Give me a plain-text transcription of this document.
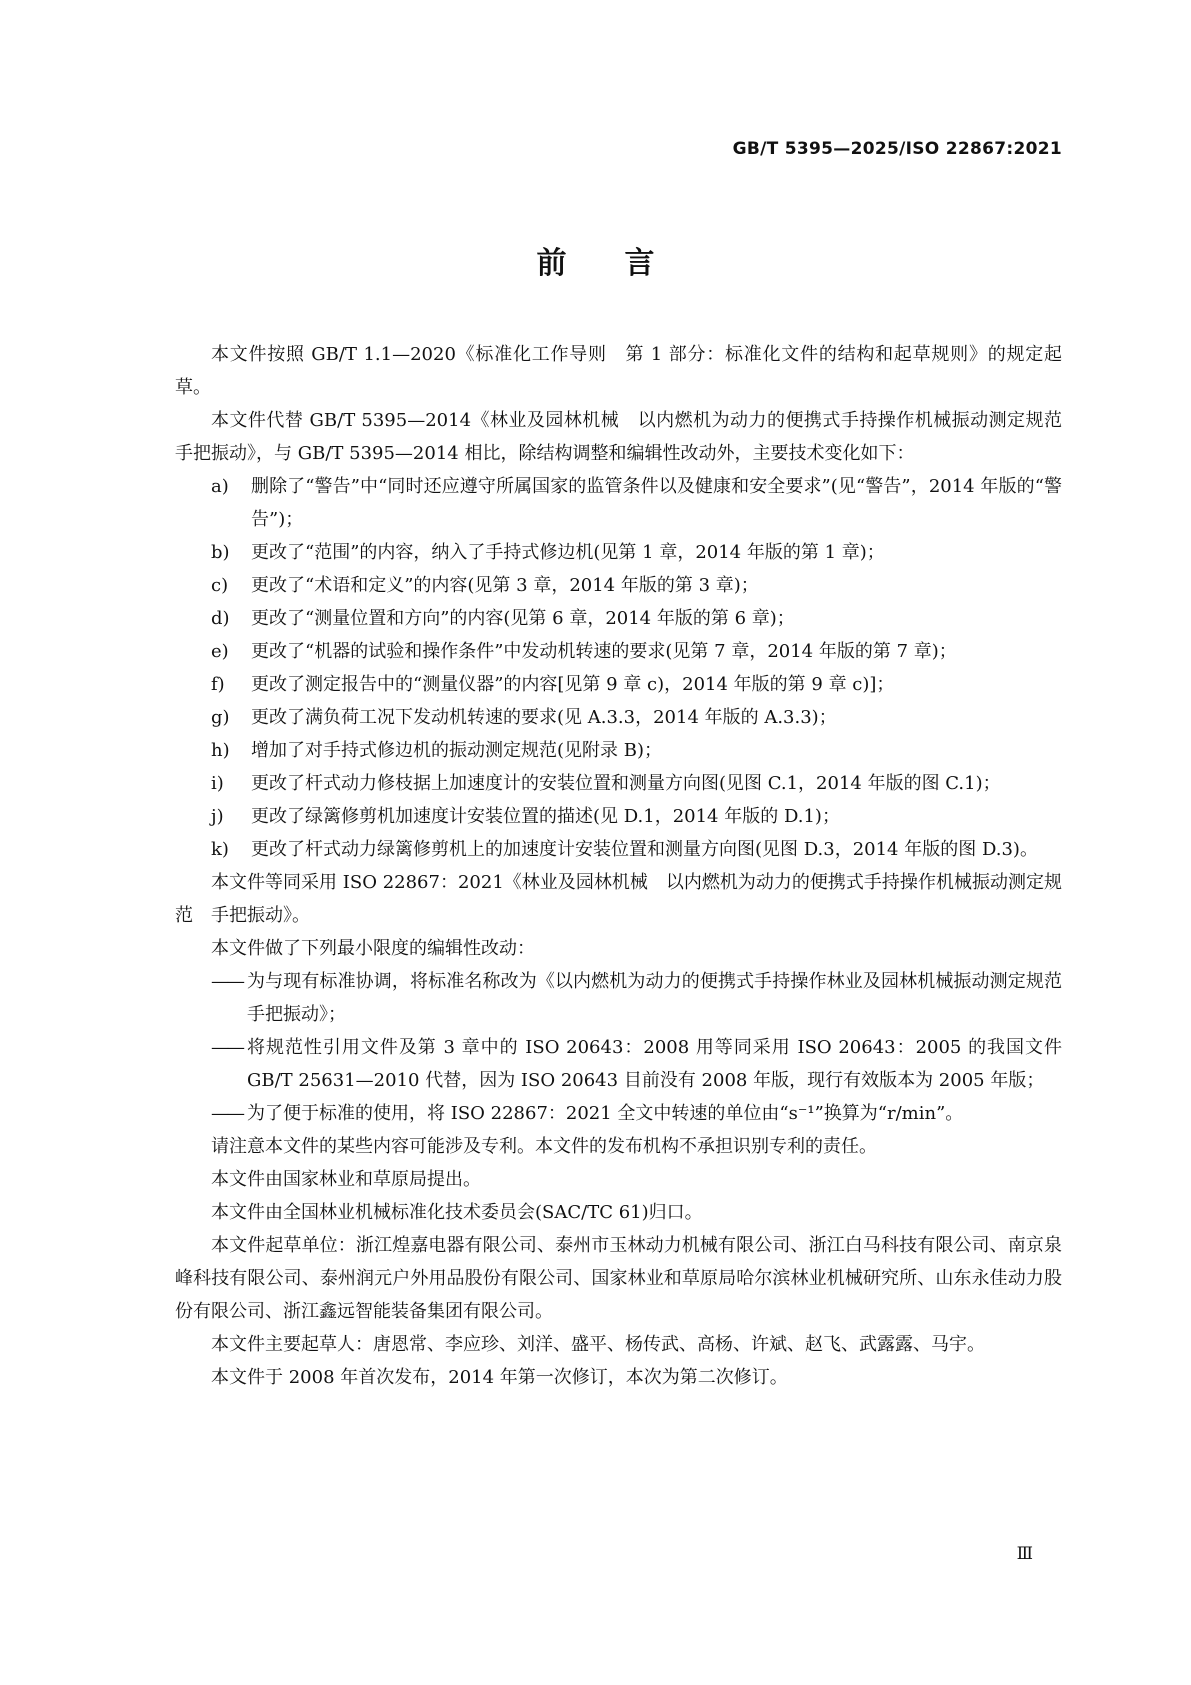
GB/T 5395—2025/ISO 22867:2021
前言

本文件按照 GB/T 1.1—2020《标准化工作导则　第 1 部分：标准化文件的结构和起草规则》的规定起草。

本文件代替 GB/T 5395—2014《林业及园林机械　以内燃机为动力的便携式手持操作机械振动测定规范　手把振动》，与 GB/T 5395—2014 相比，除结构调整和编辑性改动外，主要技术变化如下：

a)	删除了“警告”中“同时还应遵守所属国家的监管条件以及健康和安全要求”(见“警告”，2014 年版的“警告”)；
b)	更改了“范围”的内容，纳入了手持式修边机(见第 1 章，2014 年版的第 1 章)；
c)	更改了“术语和定义”的内容(见第 3 章，2014 年版的第 3 章)；
d)	更改了“测量位置和方向”的内容(见第 6 章，2014 年版的第 6 章)；
e)	更改了“机器的试验和操作条件”中发动机转速的要求(见第 7 章，2014 年版的第 7 章)；
f)	更改了测定报告中的“测量仪器”的内容[见第 9 章 c)，2014 年版的第 9 章 c)]；
g)	更改了满负荷工况下发动机转速的要求(见 A.3.3，2014 年版的 A.3.3)；
h)	增加了对手持式修边机的振动测定规范(见附录 B)；
i)	更改了杆式动力修枝据上加速度计的安装位置和测量方向图(见图 C.1，2014 年版的图 C.1)；
j)	更改了绿篱修剪机加速度计安装位置的描述(见 D.1，2014 年版的 D.1)；
k)	更改了杆式动力绿篱修剪机上的加速度计安装位置和测量方向图(见图 D.3，2014 年版的图 D.3)。

本文件等同采用 ISO 22867：2021《林业及园林机械　以内燃机为动力的便携式手持操作机械振动测定规范　手把振动》。

本文件做了下列最小限度的编辑性改动：

—— 为与现有标准协调，将标准名称改为《以内燃机为动力的便携式手持操作林业及园林机械振动测定规范　手把振动》；
—— 将规范性引用文件及第 3 章中的 ISO 20643：2008 用等同采用 ISO 20643：2005 的我国文件 GB/T 25631—2010 代替，因为 ISO 20643 目前没有 2008 年版，现行有效版本为 2005 年版；
—— 为了便于标准的使用，将 ISO 22867：2021 全文中转速的单位由“s⁻¹”换算为“r/min”。

请注意本文件的某些内容可能涉及专利。本文件的发布机构不承担识别专利的责任。

本文件由国家林业和草原局提出。

本文件由全国林业机械标准化技术委员会(SAC/TC 61)归口。

本文件起草单位：浙江煌嘉电器有限公司、泰州市玉林动力机械有限公司、浙江白马科技有限公司、南京泉峰科技有限公司、泰州润元户外用品股份有限公司、国家林业和草原局哈尔滨林业机械研究所、山东永佳动力股份有限公司、浙江鑫远智能装备集团有限公司。

本文件主要起草人：唐恩常、李应珍、刘洋、盛平、杨传武、高杨、许斌、赵飞、武露露、马宇。

本文件于 2008 年首次发布，2014 年第一次修订，本次为第二次修订。

Ⅲ
